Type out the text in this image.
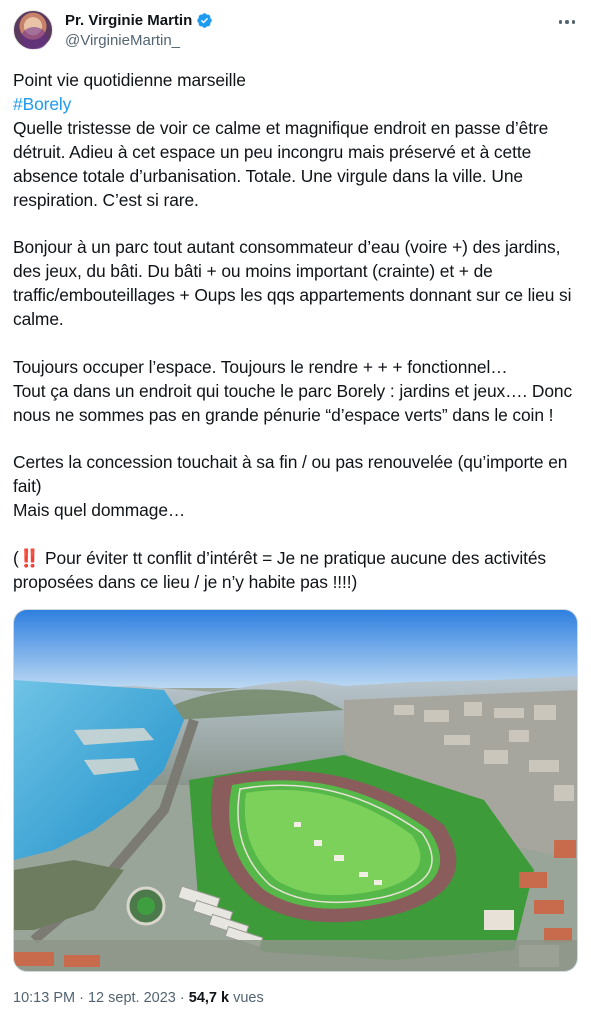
Pr. Virginie Martin
@VirginieMartin_

Point vie quotidienne marseille

#Borely

Quelle tristesse de voir ce calme et magnifique endroit en passe d’être détruit. Adieu à cet espace un peu incongru mais préservé et à cette absence totale d’urbanisation. Totale. Une virgule dans la ville. Une respiration. C’est si rare.

Bonjour à un parc tout autant consommateur d’eau (voire +) des jardins, des jeux, du bâti. Du bâti + ou moins important (crainte) et + de traffic/embouteillages + Oups les qqs appartements donnant sur ce lieu si calme.

Toujours occuper l’espace. Toujours le rendre + + + fonctionnel…

Tout ça dans un endroit qui touche le parc Borely : jardins et jeux…. Donc nous ne sommes pas en grande pénurie “d’espace verts” dans le coin !

Certes la concession touchait à sa fin / ou pas renouvelée (qu’importe en fait)

Mais quel dommage…

(‼️ Pour éviter tt conflit d’intérêt = Je ne pratique aucune des activités proposées dans ce lieu / je n’y habite pas !!!!)

10:13 PM · 12 sept. 2023 · 54,7 k vues
